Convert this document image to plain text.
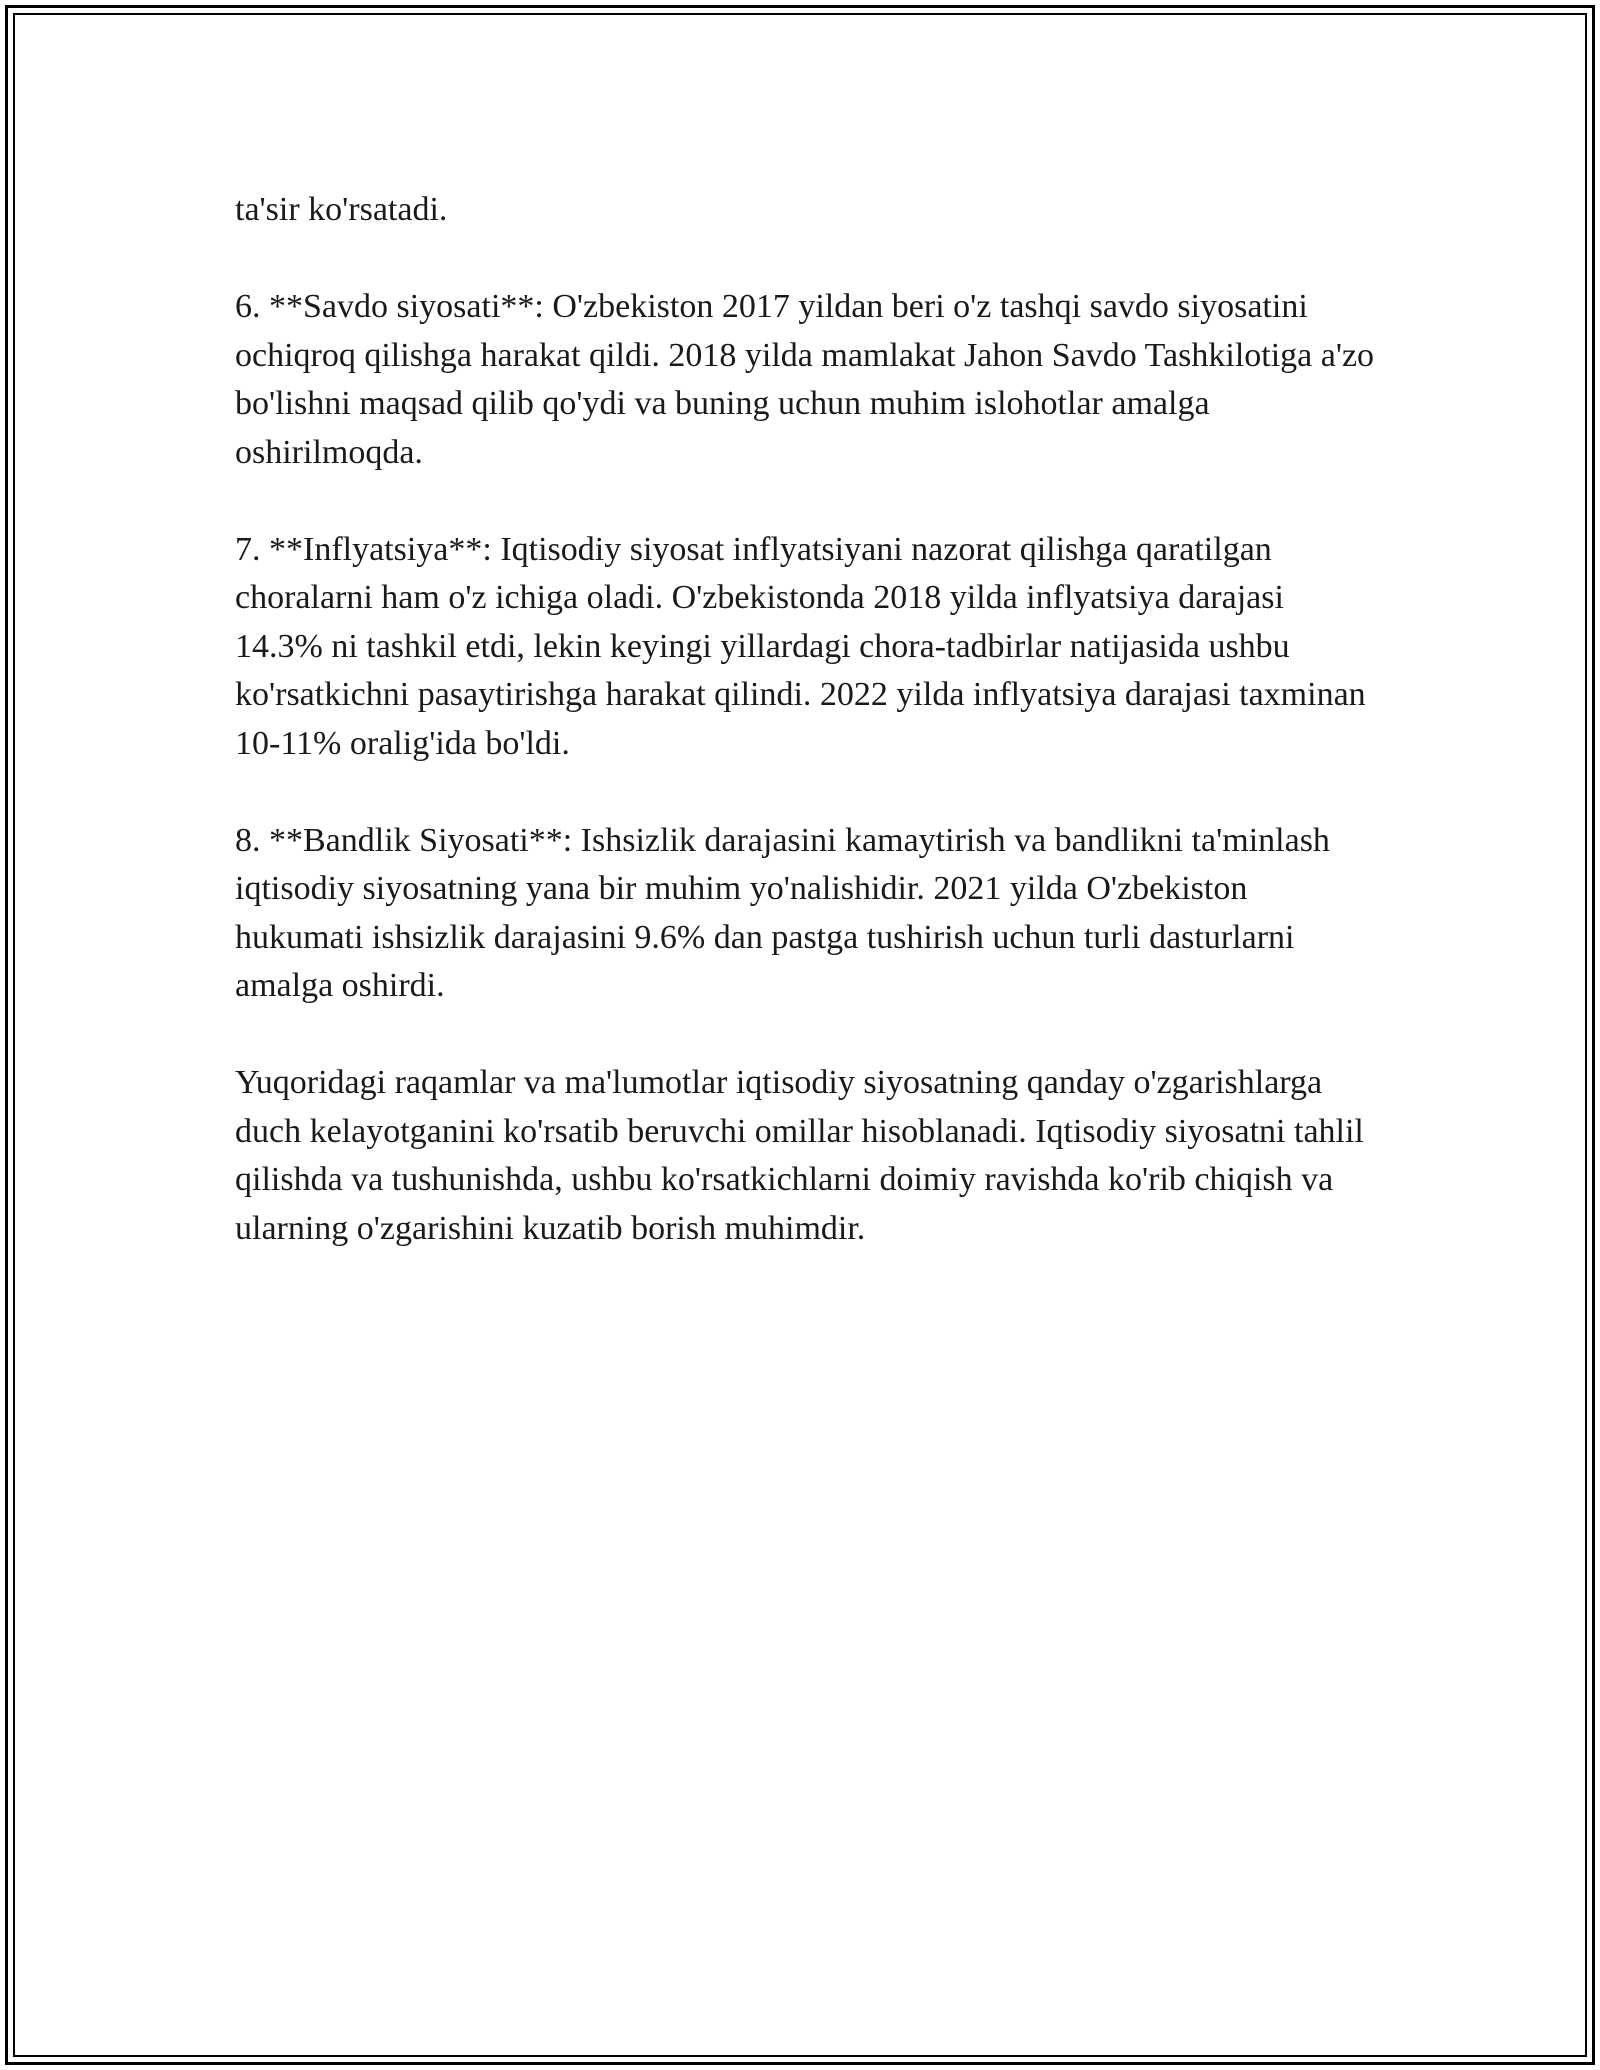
ta'sir ko'rsatadi.

6. **Savdo siyosati**: O'zbekiston 2017 yildan beri o'z tashqi savdo siyosatini ochiqroq qilishga harakat qildi. 2018 yilda mamlakat Jahon Savdo Tashkilotiga a'zo bo'lishni maqsad qilib qo'ydi va buning uchun muhim islohotlar amalga oshirilmoqda.

7. **Inflyatsiya**: Iqtisodiy siyosat inflyatsiyani nazorat qilishga qaratilgan choralarni ham o'z ichiga oladi. O'zbekistonda 2018 yilda inflyatsiya darajasi 14.3% ni tashkil etdi, lekin keyingi yillardagi chora-tadbirlar natijasida ushbu ko'rsatkichni pasaytirishga harakat qilindi. 2022 yilda inflyatsiya darajasi taxminan 10-11% oralig'ida bo'ldi.

8. **Bandlik Siyosati**: Ishsizlik darajasini kamaytirish va bandlikni ta'minlash iqtisodiy siyosatning yana bir muhim yo'nalishidir. 2021 yilda O'zbekiston hukumati ishsizlik darajasini 9.6% dan pastga tushirish uchun turli dasturlarni amalga oshirdi.

Yuqoridagi raqamlar va ma'lumotlar iqtisodiy siyosatning qanday o'zgarishlarga duch kelayotganini ko'rsatib beruvchi omillar hisoblanadi. Iqtisodiy siyosatni tahlil qilishda va tushunishda, ushbu ko'rsatkichlarni doimiy ravishda ko'rib chiqish va ularning o'zgarishini kuzatib borish muhimdir.
